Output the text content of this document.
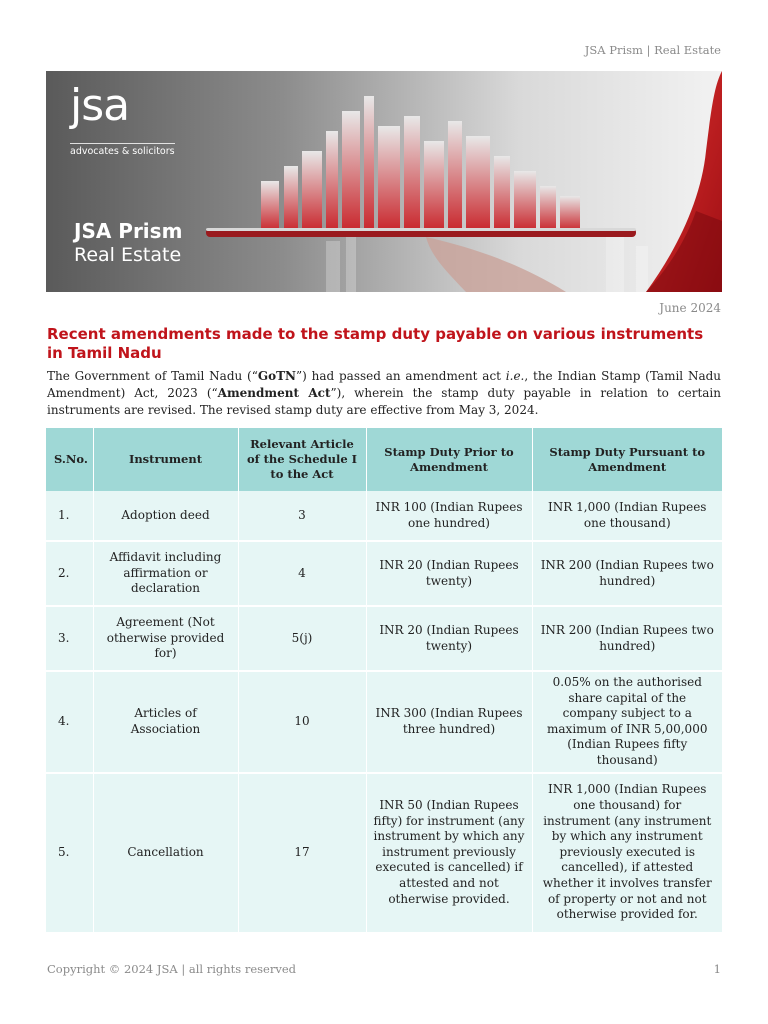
JSA Prism | Real Estate
jsa
advocates & solicitors
JSA Prism
Real Estate
June 2024
Recent amendments made to the stamp duty payable on various instruments in Tamil Nadu
The Government of Tamil Nadu (“GoTN”) had passed an amendment act i.e., the Indian Stamp (Tamil Nadu Amendment) Act, 2023 (“Amendment Act”), wherein the stamp duty payable in relation to certain instruments are revised. The revised stamp duty are effective from May 3, 2024.
S.No.	Instrument	Relevant Article of the Schedule I to the Act	Stamp Duty Prior to Amendment	Stamp Duty Pursuant to Amendment
1.	Adoption deed	3	INR 100 (Indian Rupees one hundred)	INR 1,000 (Indian Rupees one thousand)
2.	Affidavit including affirmation or declaration	4	INR 20 (Indian Rupees twenty)	INR 200 (Indian Rupees two hundred)
3.	Agreement (Not otherwise provided for)	5(j)	INR 20 (Indian Rupees twenty)	INR 200 (Indian Rupees two hundred)
4.	Articles of Association	10	INR 300 (Indian Rupees three hundred)	0.05% on the authorised share capital of the company subject to a maximum of INR 5,00,000 (Indian Rupees fifty thousand)
5.	Cancellation	17	INR 50 (Indian Rupees fifty) for instrument (any instrument by which any instrument previously executed is cancelled) if attested and not otherwise provided.	INR 1,000 (Indian Rupees one thousand) for instrument (any instrument by which any instrument previously executed is cancelled), if attested whether it involves transfer of property or not and not otherwise provided for.
Copyright © 2024 JSA | all rights reserved	1
